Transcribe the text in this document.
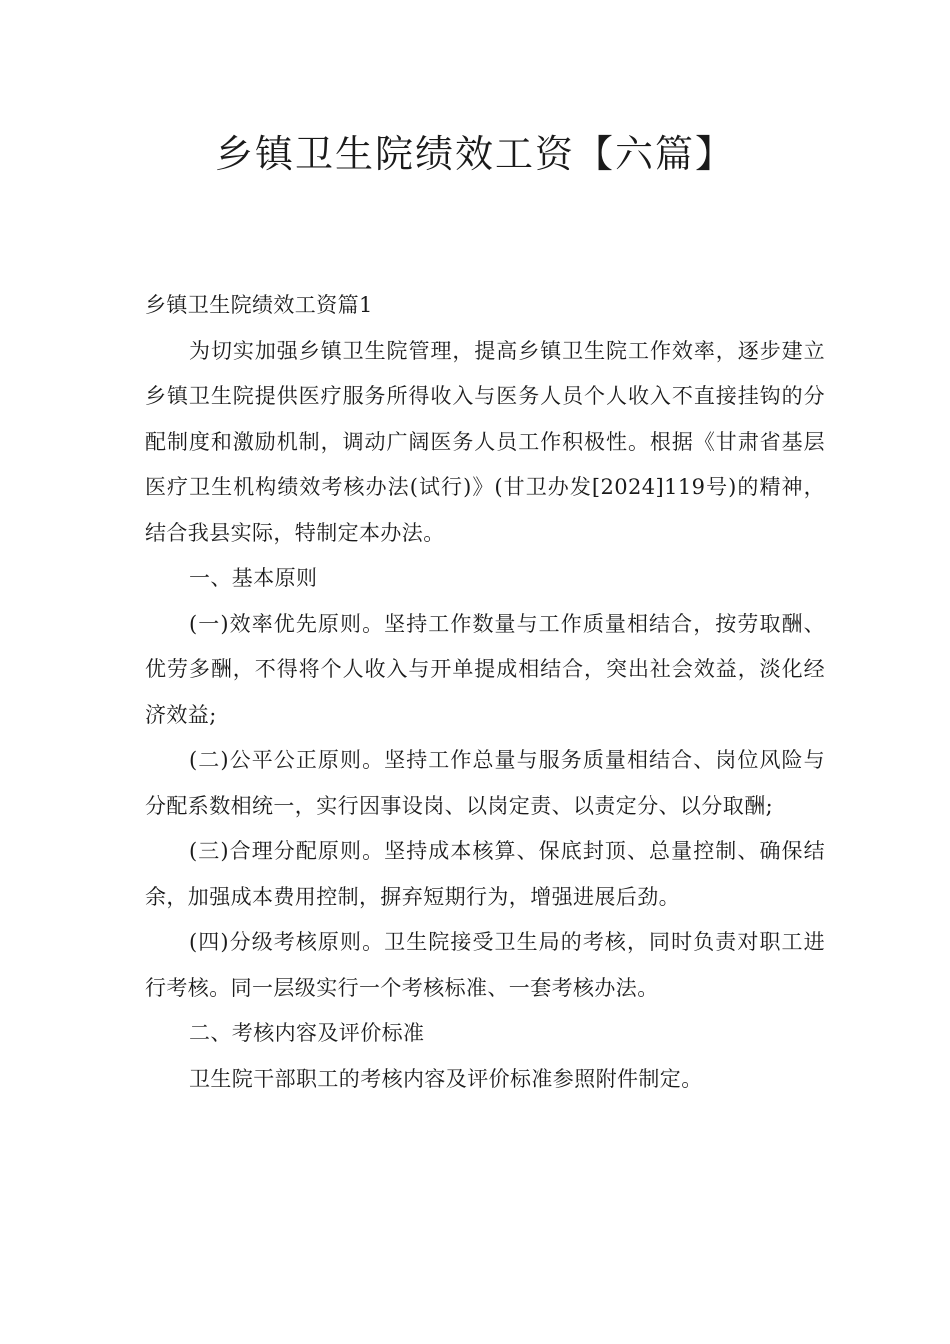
乡镇卫生院绩效工资【六篇】

乡镇卫生院绩效工资篇1

为切实加强乡镇卫生院管理，提高乡镇卫生院工作效率，逐步建立乡镇卫生院提供医疗服务所得收入与医务人员个人收入不直接挂钩的分配制度和激励机制，调动广阔医务人员工作积极性。根据《甘肃省基层医疗卫生机构绩效考核办法(试行)》(甘卫办发[2024]119号)的精神，结合我县实际，特制定本办法。

一、基本原则

(一)效率优先原则。坚持工作数量与工作质量相结合，按劳取酬、优劳多酬，不得将个人收入与开单提成相结合，突出社会效益，淡化经济效益;

(二)公平公正原则。坚持工作总量与服务质量相结合、岗位风险与分配系数相统一，实行因事设岗、以岗定责、以责定分、以分取酬;

(三)合理分配原则。坚持成本核算、保底封顶、总量控制、确保结余，加强成本费用控制，摒弃短期行为，增强进展后劲。

(四)分级考核原则。卫生院接受卫生局的考核，同时负责对职工进行考核。同一层级实行一个考核标准、一套考核办法。

二、考核内容及评价标准

卫生院干部职工的考核内容及评价标准参照附件制定。
